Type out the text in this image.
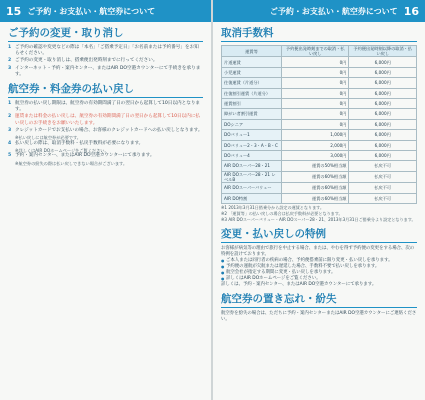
15 ご予約・お支払い・航空券について
ご予約の変更・取り消し
1 ご予約の確認や変更などの際は「本名」「ご搭乗予定日」「お名前または予約番号」をお知らせください。
2 ご予約の変更・取り消しは、搭乗便出発時刻までに行ってください。
3 インターネット・予約・案内センター、またはAIR DO空港カウンターにて手続きを承ります。
航空券・料金券の払い戻し
1 航空券の払い戻し期限は、航空券の有効期間満了日の翌日から起算して10日以内となります。
2 運賃または料金の払い戻しは、航空券の有効期間満了日の翌日から起算して10日以内に払い戻しのお手続きをお願いいたします。
3 クレジットカードでお支払いの場合、お客様のクレジットカードへの払い戻しとなります。
※払い戻しには航空券が必要です。
4 払い戻しの際は、取消手数料・払戻手数料が必要になります。
※詳しくはAIR DOホームページをご覧ください。
5 予約・案内センター、またはAIR DO空港カウンターにて承ります。
※航空券の紛失の際は払い戻しできない場合がございます。
ご予約・お支払い・航空券について 16
取消手数料
運賃等	予約便出発時刻までの取消・払い戻し	予約便出発時刻以降の取消・払い戻し
片道運賃	0円	6,000円
小児運賃	0円	6,000円
往復運賃（片道分）	0円	6,000円
往復割引運賃（片道分）	0円	6,000円
運賃割引	0円	6,000円
障がい者割引運賃	0円	6,000円
DOシニア	0円	6,000円
DOバリュー1	1,000円	6,000円
DOバリュー2・3・A・B・C	2,000円	6,000円
DOバリュー4	3,000円	6,000円
AIR DOスーパー28・21	運賃の50%相当額	払戻不可
AIR DOスーパー28・21 レベルB	運賃の60%相当額	払戻不可
AIR DOスーパーバリュー	運賃の60%相当額	払戻不可
AIR DO特割	運賃の60%相当額	払戻不可

※1 2013年3月31日搭乗分から設定の運賃となります。

※2 「運賃等」の払い戻しの場合は払戻手数料が必要となります。

※3 AIR DOスーパーバリュー・AIR DOスーパー28・21、2013年3月31日ご搭乗分より設定となります。

変更・払い戻しの特例

お客様が病気等の理由で旅行を中止する場合、または、やむを得ず予約便の変更をする場合、次の特例を設けております。

● ご本人または同行者の疾病の場合、予約便搭乗前に限り変更・払い戻しを承ります。
● 予約便の運航が欠航または遅延した場合、手数料不要で払い戻しを承ります。
● 航空会社が指定する期間に変更・払い戻しを承ります。
● 詳しくはAIR DOホームページをご覧ください。

詳しくは、予約・案内センター、またはAIR DO空港カウンターにて承ります。

航空券の置き忘れ・紛失

航空券を紛失の場合は、ただちに予約・案内センターまたはAIR DO空港カウンターにご連絡ください。
